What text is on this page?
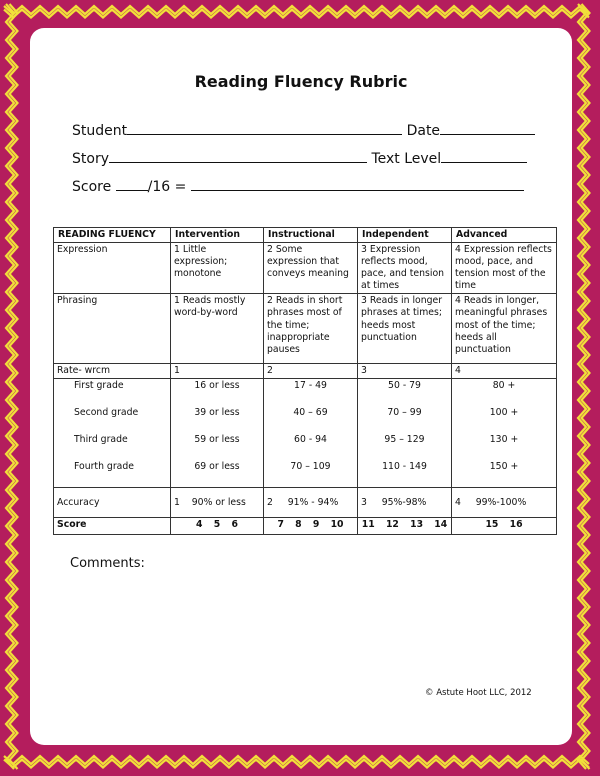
Reading Fluency Rubric
Student	Date
Story	Text Level
Score	/16 =
READING FLUENCY	Intervention	Instructional	Independent	Advanced
Expression	1 Little expression; monotone	2 Some expression that conveys meaning	3 Expression reflects mood, pace, and tension at times	4 Expression reflects mood, pace, and tension most of the time
Phrasing	1 Reads mostly word-by-word	2 Reads in short phrases most of the time; inappropriate pauses	3 Reads in longer phrases at times; heeds most punctuation	4 Reads in longer, meaningful phrases most of the time; heeds all punctuation
Rate- wrcm	1	2	3	4
First grade	16 or less	17 - 49	50 - 79	80 +
Second grade	39 or less	40 – 69	70 – 99	100 +
Third grade	59 or less	60 - 94	95 – 129	130 +
Fourth grade	69 or less	70 – 109	110 - 149	150 +
Accuracy	1    90% or less	2     91% - 94%	3     95%-98%	4     99%-100%
Score	4 5 6	7 8 9 10	11 12 13 14	15 16
Comments:
© Astute Hoot LLC, 2012
